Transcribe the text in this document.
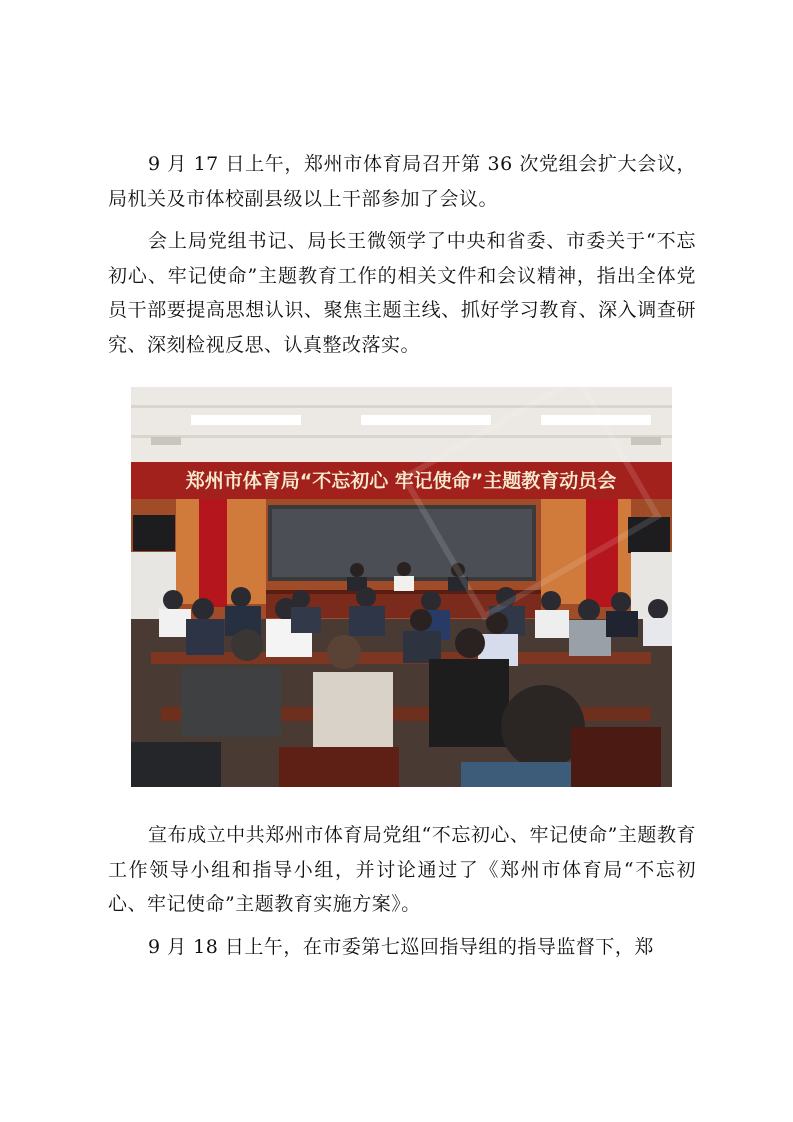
9 月 17 日上午，郑州市体育局召开第 36 次党组会扩大会议，局机关及市体校副县级以上干部参加了会议。

会上局党组书记、局长王微领学了中央和省委、市委关于“不忘初心、牢记使命”主题教育工作的相关文件和会议精神，指出全体党员干部要提高思想认识、聚焦主题主线、抓好学习教育、深入调查研究、深刻检视反思、认真整改落实。

郑州市体育局“不忘初心 牢记使命”主题教育动员会

宣布成立中共郑州市体育局党组“不忘初心、牢记使命”主题教育工作领导小组和指导小组，并讨论通过了《郑州市体育局“不忘初心、牢记使命”主题教育实施方案》。

9 月 18 日上午，在市委第七巡回指导组的指导监督下，郑
